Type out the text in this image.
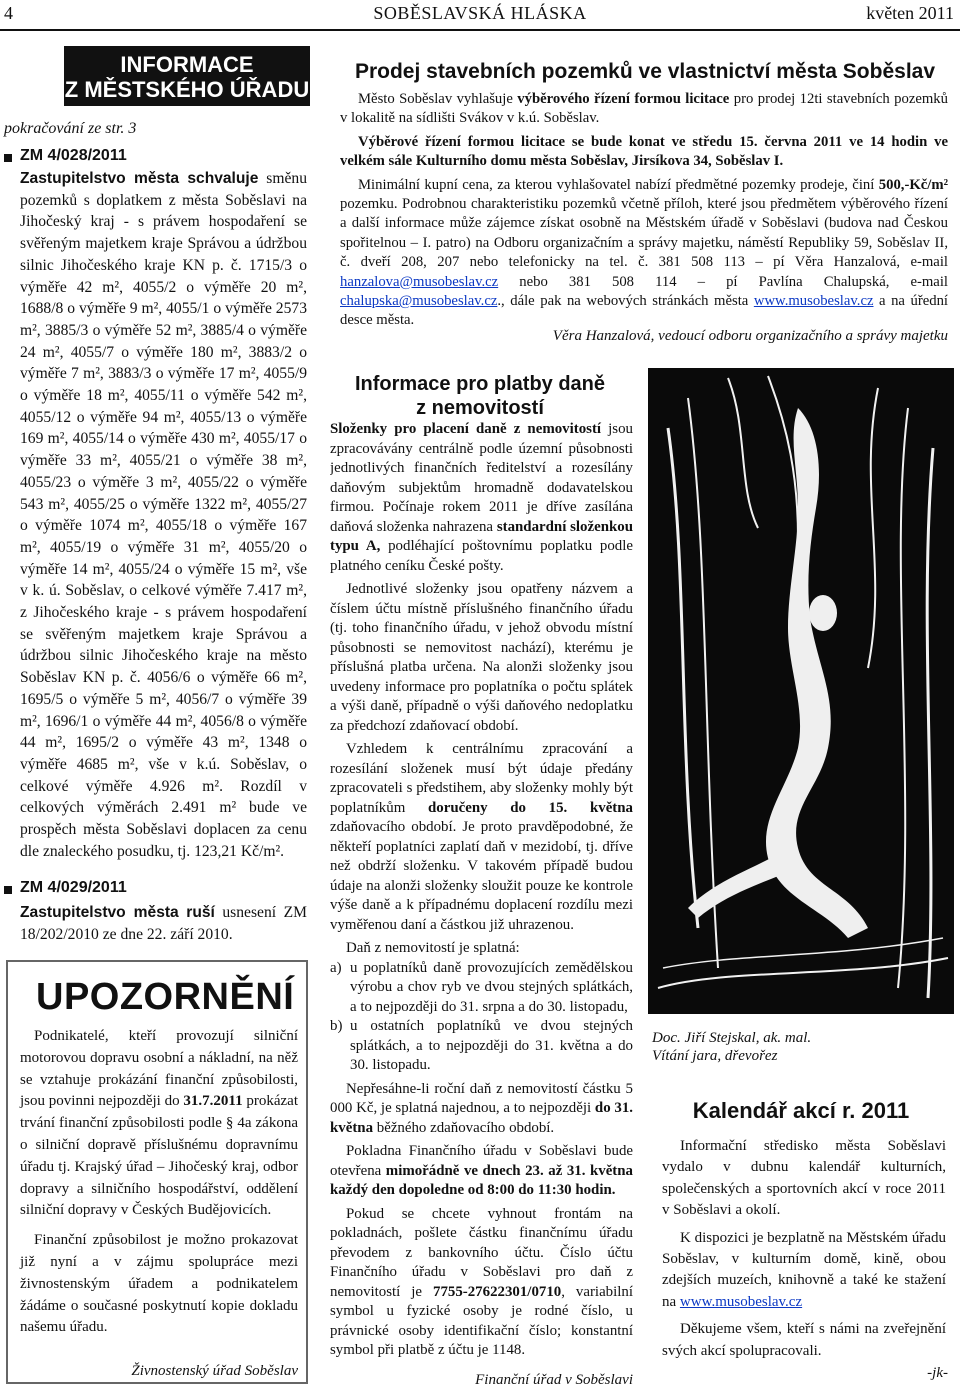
4	SOBĚSLAVSKÁ HLÁSKA	květen 2011
INFORMACE
Z MĚSTSKÉHO ÚŘADU
pokračování ze str. 3
ZM 4/028/2011
Zastupitelstvo města schvaluje směnu pozemků s doplatkem z města Soběslavi na Jihočeský kraj - s právem hospodaření se svěřeným majetkem kraje Správou a údržbou silnic Jihočeského kraje KN p. č. 1715/3 o výměře 42 m², 4055/2 o výměře 20 m², 1688/8 o výměře 9 m², 4055/1 o výměře 2573 m², 3885/3 o výměře 52 m², 3885/4 o výměře 24 m², 4055/7 o výměře 180 m², 3883/2 o výměře 7 m², 3883/3 o výměře 17 m², 4055/9 o výměře 18 m², 4055/11 o výměře 542 m², 4055/12 o výměře 94 m², 4055/13 o výměře 169 m², 4055/14 o výměře 430 m², 4055/17 o výměře 33 m², 4055/21 o výměře 38 m², 4055/23 o výměře 3 m², 4055/22 o výměře 543 m², 4055/25 o výměře 1322 m², 4055/27 o výměře 1074 m², 4055/18 o výměře 167 m², 4055/19 o výměře 31 m², 4055/20 o výměře 14 m², 4055/24 o výměře 15 m², vše v k. ú. Soběslav, o celkové výměře 7.417 m², z Jihočeského kraje - s právem hospodaření se svěřeným majetkem kraje Správou a údržbou silnic Jihočeského kraje na město Soběslav KN p. č. 4056/6 o výměře 66 m², 1695/5 o výměře 5 m², 4056/7 o výměře 39 m², 1696/1 o výměře 44 m², 4056/8 o výměře 44 m², 1695/2 o výměře 43 m², 1348 o výměře 4685 m², vše v k.ú. Soběslav, o celkové výměře 4.926 m². Rozdíl v celkových výměrách 2.491 m² bude ve prospěch města Soběslavi doplacen za cenu dle znaleckého posudku, tj. 123,21 Kč/m².
ZM 4/029/2011
Zastupitelstvo města ruší usnesení ZM 18/202/2010 ze dne 22. září 2010.
UPOZORNĚNÍ

Podnikatelé, kteří provozují silniční motorovou dopravu osobní a nákladní, na něž se vztahuje prokázání finanční způsobilosti, jsou povinni nejpozději do 31.7.2011 prokázat trvání finanční způsobilosti podle § 4a zákona o silniční dopravě příslušnému dopravnímu úřadu tj. Krajský úřad – Jihočeský kraj, odbor dopravy a silničního hospodářství, oddělení silniční dopravy v Českých Budějovicích.

Finanční způsobilost je možno prokazovat již nyní a v zájmu spolupráce mezi živnostenským úřadem a podnikatelem žádáme o současné poskytnutí kopie dokladu našemu úřadu.

Živnostenský úřad Soběslav
Prodej stavebních pozemků ve vlastnictví města Soběslav

Město Soběslav vyhlašuje výběrového řízení formou licitace pro prodej 12ti stavebních pozemků v lokalitě na sídlišti Svákov v k.ú. Soběslav.

Výběrové řízení formou licitace se bude konat ve středu 15. června 2011 ve 14 hodin ve velkém sále Kulturního domu města Soběslav, Jirsíkova 34, Soběslav I.

Minimální kupní cena, za kterou vyhlašovatel nabízí předmětné pozemky prodeje, činí 500,-Kč/m² pozemku. Podrobnou charakteristiku pozemků včetně příloh, které jsou předmětem výběrového řízení a další informace může zájemce získat osobně na Městském úřadě v Soběslavi (budova nad Českou spořitelnou – I. patro) na Odboru organizačním a správy majetku, náměstí Republiky 59, Soběslav II, č. dveří 208, 207 nebo telefonicky na tel. č. 381 508 113 – pí Věra Hanzalová, e-mail hanzalova@musobeslav.cz nebo 381 508 114 – pí Pavlína Chalupská, e-mail chalupska@musobeslav.cz., dále pak na webových stránkách města www.musobeslav.cz a na úřední desce města.

Věra Hanzalová, vedoucí odboru organizačního a správy majetku
Informace pro platby daně
z nemovitostí

Složenky pro placení daně z nemovitostí jsou zpracovávány centrálně podle územní působnosti jednotlivých finančních ředitelství a rozesílány daňovým subjektům hromadně dodavatelskou firmou. Počínaje rokem 2011 je dříve zasílána daňová složenka nahrazena standardní složenkou typu A, podléhající poštovnímu poplatku podle platného ceníku České pošty.

Jednotlivé složenky jsou opatřeny názvem a číslem účtu místně příslušného finančního úřadu (tj. toho finančního úřadu, v jehož obvodu místní působnosti se nemovitost nachází), kterému je příslušná platba určena. Na alonži složenky jsou uvedeny informace pro poplatníka o počtu splátek a výši daně, případně o výši daňového nedoplatku za předchozí zdaňovací období.

Vzhledem k centrálnímu zpracování a rozesílání složenek musí být údaje předány zpracovateli s předstihem, aby složenky mohly být poplatníkům doručeny do 15. května zdaňovacího období. Je proto pravděpodobné, že někteří poplatníci zaplatí daň v mezidobí, tj. dříve než obdrží složenku. V takovém případě budou údaje na alonži složenky sloužit pouze ke kontrole výše daně a k případnému doplacení rozdílu mezi vyměřenou daní a částkou již uhrazenou.

Daň z nemovitostí je splatná:

a) u poplatníků daně provozujících zemědělskou výrobu a chov ryb ve dvou stejných splátkách, a to nejpozději do 31. srpna a do 30. listopadu,

b) u ostatních poplatníků ve dvou stejných splátkách, a to nejpozději do 31. května a do 30. listopadu.

Nepřesáhne-li roční daň z nemovitostí částku 5 000 Kč, je splatná najednou, a to nejpozději do 31. května běžného zdaňovacího období.

Pokladna Finančního úřadu v Soběslavi bude otevřena mimořádně ve dnech 23. až 31. května každý den dopoledne od 8:00 do 11:30 hodin.

Pokud se chcete vyhnout frontám na pokladnách, pošlete částku finančnímu úřadu převodem z bankovního účtu. Číslo účtu Finančního úřadu v Soběslavi pro daň z nemovitostí je 7755-27622301/0710, variabilní symbol u fyzické osoby je rodné číslo, u právnické osoby identifikační číslo; konstantní symbol při platbě z účtu je 1148.

Finanční úřad v Soběslavi
Doc. Jiří Stejskal, ak. mal.
Vítání jara, dřevořez
Kalendář akcí r. 2011

Informační středisko města Soběslavi vydalo v dubnu kalendář kulturních, společenských a sportovních akcí v roce 2011 v Soběslavi a okolí.

K dispozici je bezplatně na Městském úřadu Soběslav, v kulturním domě, kině, obou zdejších muzeích, knihovně a také ke stažení na www.musobeslav.cz

Děkujeme všem, kteří s námi na zveřejnění svých akcí spolupracovali.

-jk-
